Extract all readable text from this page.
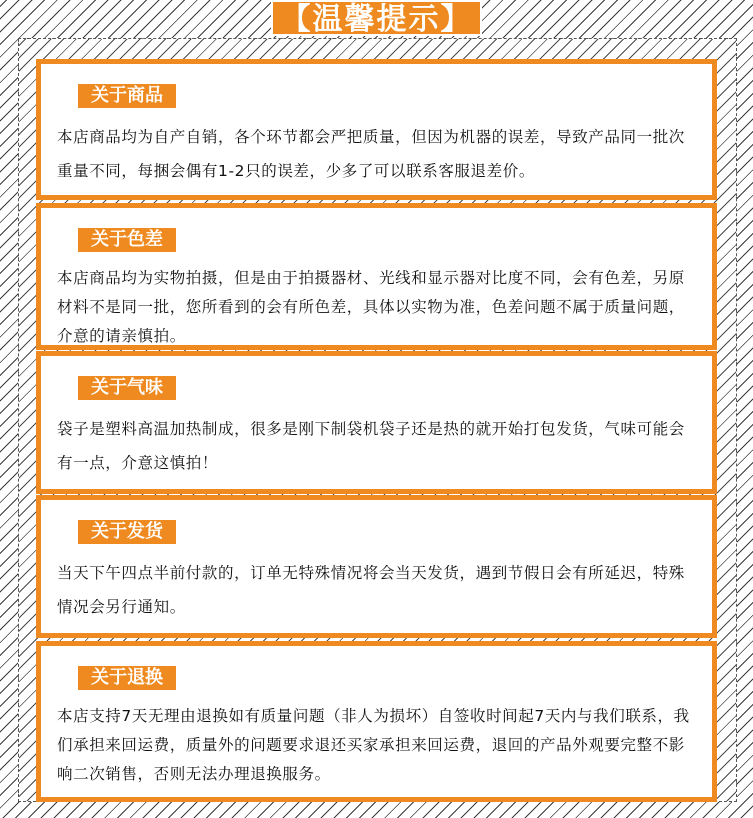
【温馨提示】
关于商品
本店商品均为自产自销，各个环节都会严把质量，但因为机器的误差，导致产品同一批次重量不同，每捆会偶有1-2只的误差，少多了可以联系客服退差价。
关于色差
本店商品均为实物拍摄，但是由于拍摄器材、光线和显示器对比度不同，会有色差，另原材料不是同一批，您所看到的会有所色差，具体以实物为准，色差问题不属于质量问题，介意的请亲慎拍。
关于气味
袋子是塑料高温加热制成，很多是刚下制袋机袋子还是热的就开始打包发货，气味可能会有一点，介意这慎拍！
关于发货
当天下午四点半前付款的，订单无特殊情况将会当天发货，遇到节假日会有所延迟，特殊情况会另行通知。
关于退换
本店支持7天无理由退换如有质量问题（非人为损坏）自签收时间起7天内与我们联系，我们承担来回运费，质量外的问题要求退还买家承担来回运费，退回的产品外观要完整不影响二次销售，否则无法办理退换服务。
